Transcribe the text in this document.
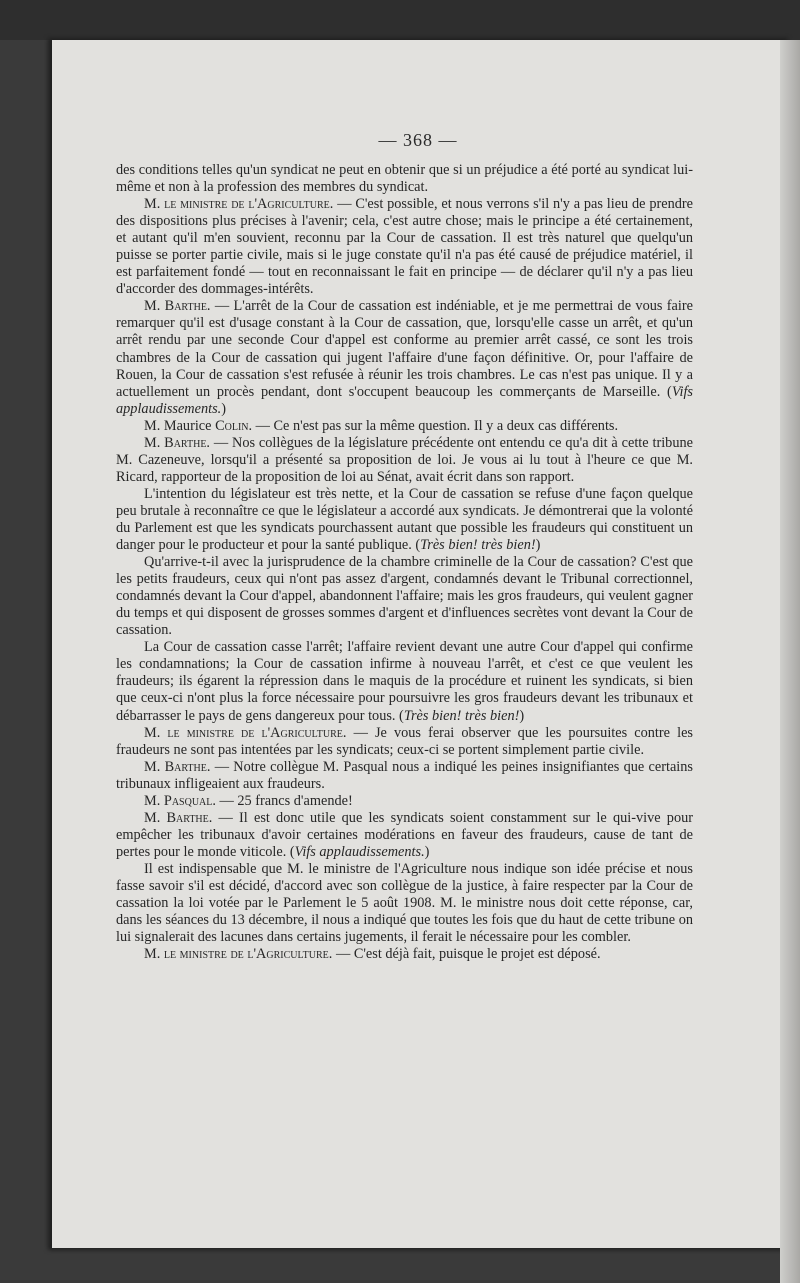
— 368 —

des conditions telles qu'un syndicat ne peut en obtenir que si un préjudice a été porté au syndicat lui-même et non à la profession des membres du syndicat.

M. le ministre de l'Agriculture. — C'est possible, et nous verrons s'il n'y a pas lieu de prendre des dispositions plus précises à l'avenir; cela, c'est autre chose; mais le principe a été certainement, et autant qu'il m'en souvient, reconnu par la Cour de cassation. Il est très naturel que quelqu'un puisse se porter partie civile, mais si le juge constate qu'il n'a pas été causé de préjudice matériel, il est parfaitement fondé — tout en reconnaissant le fait en principe — de déclarer qu'il n'y a pas lieu d'accorder des dommages-intérêts.

M. Barthe. — L'arrêt de la Cour de cassation est indéniable, et je me permettrai de vous faire remarquer qu'il est d'usage constant à la Cour de cassation, que, lorsqu'elle casse un arrêt, et qu'un arrêt rendu par une seconde Cour d'appel est conforme au premier arrêt cassé, ce sont les trois chambres de la Cour de cassation qui jugent l'affaire d'une façon définitive. Or, pour l'affaire de Rouen, la Cour de cassation s'est refusée à réunir les trois chambres. Le cas n'est pas unique. Il y a actuellement un procès pendant, dont s'occupent beaucoup les commerçants de Marseille. (Vifs applaudissements.)

M. Maurice Colin. — Ce n'est pas sur la même question. Il y a deux cas différents.

M. Barthe. — Nos collègues de la législature précédente ont entendu ce qu'a dit à cette tribune M. Cazeneuve, lorsqu'il a présenté sa proposition de loi. Je vous ai lu tout à l'heure ce que M. Ricard, rapporteur de la proposition de loi au Sénat, avait écrit dans son rapport.

L'intention du législateur est très nette, et la Cour de cassation se refuse d'une façon quelque peu brutale à reconnaître ce que le législateur a accordé aux syndicats. Je démontrerai que la volonté du Parlement est que les syndicats pourchassent autant que possible les fraudeurs qui constituent un danger pour le producteur et pour la santé publique. (Très bien! très bien!)

Qu'arrive-t-il avec la jurisprudence de la chambre criminelle de la Cour de cassation? C'est que les petits fraudeurs, ceux qui n'ont pas assez d'argent, condamnés devant le Tribunal correctionnel, condamnés devant la Cour d'appel, abandonnent l'affaire; mais les gros fraudeurs, qui veulent gagner du temps et qui disposent de grosses sommes d'argent et d'influences secrètes vont devant la Cour de cassation.

La Cour de cassation casse l'arrêt; l'affaire revient devant une autre Cour d'appel qui confirme les condamnations; la Cour de cassation infirme à nouveau l'arrêt, et c'est ce que veulent les fraudeurs; ils égarent la répression dans le maquis de la procédure et ruinent les syndicats, si bien que ceux-ci n'ont plus la force nécessaire pour poursuivre les gros fraudeurs devant les tribunaux et débarrasser le pays de gens dangereux pour tous. (Très bien! très bien!)

M. le ministre de l'Agriculture. — Je vous ferai observer que les poursuites contre les fraudeurs ne sont pas intentées par les syndicats; ceux-ci se portent simplement partie civile.

M. Barthe. — Notre collègue M. Pasqual nous a indiqué les peines insignifiantes que certains tribunaux infligeaient aux fraudeurs.

M. Pasqual. — 25 francs d'amende!

M. Barthe. — Il est donc utile que les syndicats soient constamment sur le qui-vive pour empêcher les tribunaux d'avoir certaines modérations en faveur des fraudeurs, cause de tant de pertes pour le monde viticole. (Vifs applaudissements.)

Il est indispensable que M. le ministre de l'Agriculture nous indique son idée précise et nous fasse savoir s'il est décidé, d'accord avec son collègue de la justice, à faire respecter par la Cour de cassation la loi votée par le Parlement le 5 août 1908. M. le ministre nous doit cette réponse, car, dans les séances du 13 décembre, il nous a indiqué que toutes les fois que du haut de cette tribune on lui signalerait des lacunes dans certains jugements, il ferait le nécessaire pour les combler.

M. le ministre de l'Agriculture. — C'est déjà fait, puisque le projet est déposé.
